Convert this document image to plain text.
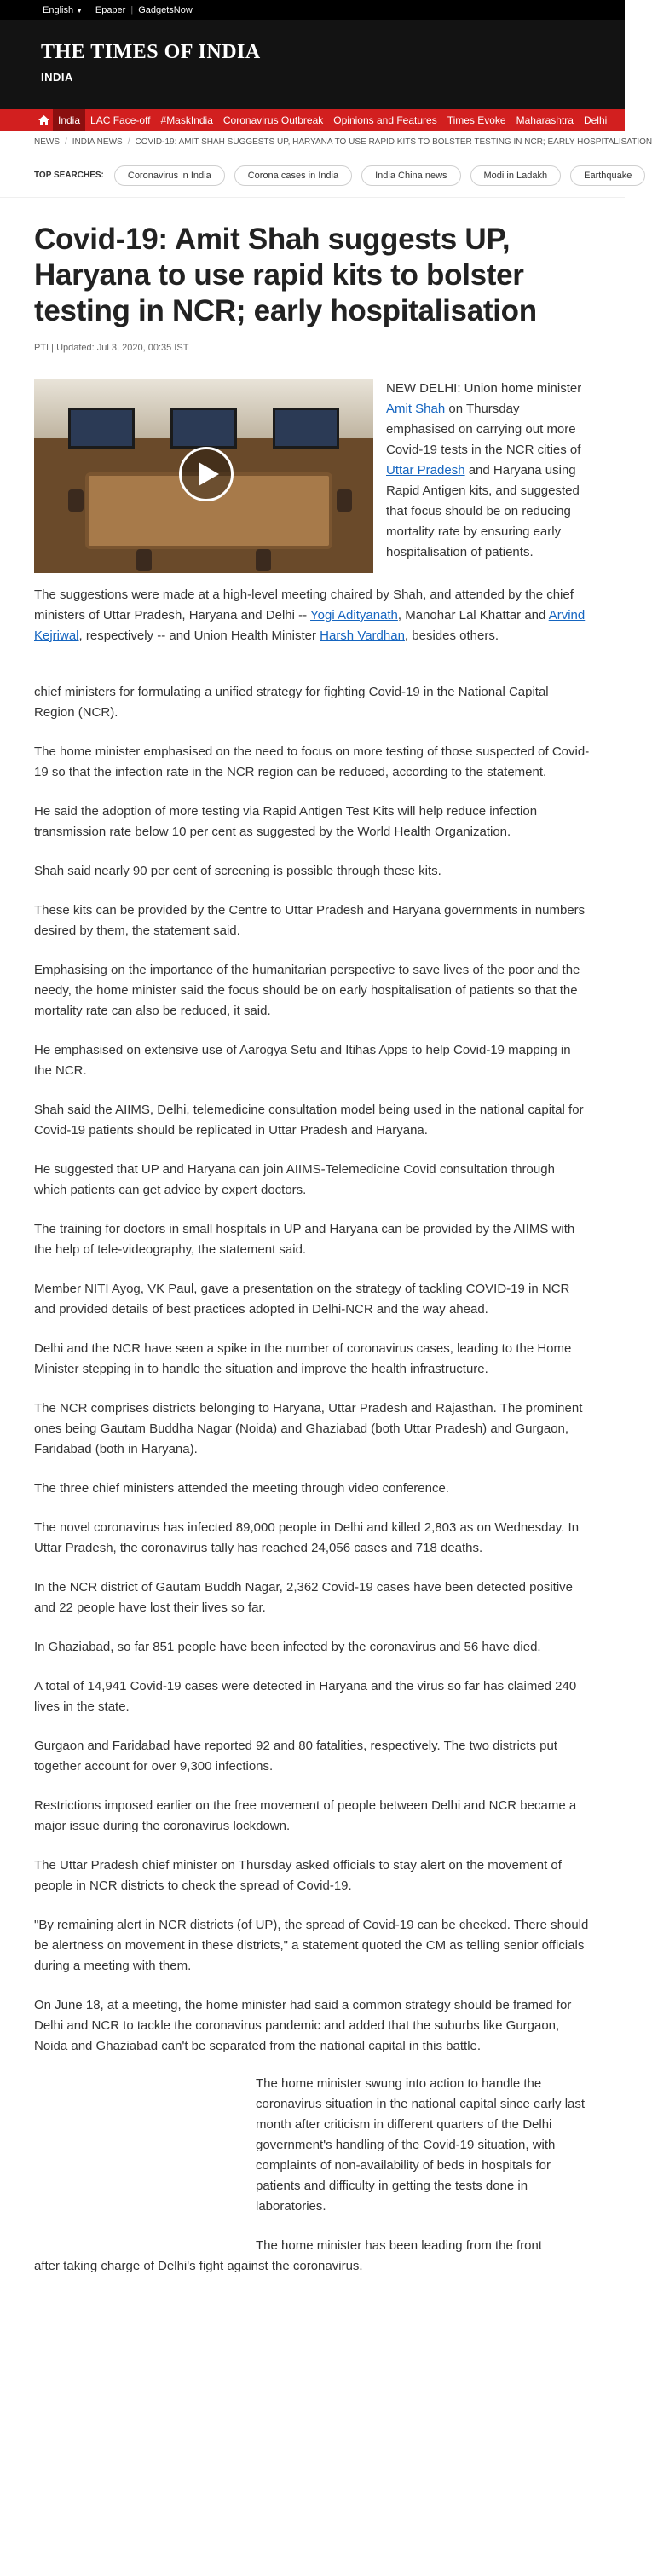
English ▼ | Epaper | GadgetsNow
THE TIMES OF INDIA
INDIA
India	LAC Face-off	#MaskIndia	Coronavirus Outbreak	Opinions and Features	Times Evoke	Maharashtra	Delhi
NEWS / INDIA NEWS / COVID-19: AMIT SHAH SUGGESTS UP, HARYANA TO USE RAPID KITS TO BOLSTER TESTING IN NCR; EARLY HOSPITALISATION
TOP SEARCHES:	Coronavirus in India	Corona cases in India	India China news	Modi in Ladakh	Earthquake
Covid-19: Amit Shah suggests UP, Haryana to use rapid kits to bolster testing in NCR; early hospitalisation
PTI | Updated: Jul 3, 2020, 00:35 IST
NEW DELHI: Union home minister Amit Shah on Thursday emphasised on carrying out more Covid-19 tests in the NCR cities of Uttar Pradesh and Haryana using Rapid Antigen kits, and suggested that focus should be on reducing mortality rate by ensuring early hospitalisation of patients.

The suggestions were made at a high-level meeting chaired by Shah, and attended by the chief ministers of Uttar Pradesh, Haryana and Delhi -- Yogi Adityanath, Manohar Lal Khattar and Arvind Kejriwal, respectively -- and Union Health Minister Harsh Vardhan, besides others.

chief ministers for formulating a unified strategy for fighting Covid-19 in the National Capital Region (NCR).

The home minister emphasised on the need to focus on more testing of those suspected of Covid-19 so that the infection rate in the NCR region can be reduced, according to the statement.

He said the adoption of more testing via Rapid Antigen Test Kits will help reduce infection transmission rate below 10 per cent as suggested by the World Health Organization.

Shah said nearly 90 per cent of screening is possible through these kits.

These kits can be provided by the Centre to Uttar Pradesh and Haryana governments in numbers desired by them, the statement said.

Emphasising on the importance of the humanitarian perspective to save lives of the poor and the needy, the home minister said the focus should be on early hospitalisation of patients so that the mortality rate can also be reduced, it said.

He emphasised on extensive use of Aarogya Setu and Itihas Apps to help Covid-19 mapping in the NCR.

Shah said the AIIMS, Delhi, telemedicine consultation model being used in the national capital for Covid-19 patients should be replicated in Uttar Pradesh and Haryana.

He suggested that UP and Haryana can join AIIMS-Telemedicine Covid consultation through which patients can get advice by expert doctors.

The training for doctors in small hospitals in UP and Haryana can be provided by the AIIMS with the help of tele-videography, the statement said.

Member NITI Ayog, VK Paul, gave a presentation on the strategy of tackling COVID-19 in NCR and provided details of best practices adopted in Delhi-NCR and the way ahead.

Delhi and the NCR have seen a spike in the number of coronavirus cases, leading to the Home Minister stepping in to handle the situation and improve the health infrastructure.

The NCR comprises districts belonging to Haryana, Uttar Pradesh and Rajasthan. The prominent ones being Gautam Buddha Nagar (Noida) and Ghaziabad (both Uttar Pradesh) and Gurgaon, Faridabad (both in Haryana).

The three chief ministers attended the meeting through video conference.

The novel coronavirus has infected 89,000 people in Delhi and killed 2,803 as on Wednesday. In Uttar Pradesh, the coronavirus tally has reached 24,056 cases and 718 deaths.

In the NCR district of Gautam Buddh Nagar, 2,362 Covid-19 cases have been detected positive and 22 people have lost their lives so far.

In Ghaziabad, so far 851 people have been infected by the coronavirus and 56 have died.

A total of 14,941 Covid-19 cases were detected in Haryana and the virus so far has claimed 240 lives in the state.

Gurgaon and Faridabad have reported 92 and 80 fatalities, respectively. The two districts put together account for over 9,300 infections.

Restrictions imposed earlier on the free movement of people between Delhi and NCR became a major issue during the coronavirus lockdown.

The Uttar Pradesh chief minister on Thursday asked officials to stay alert on the movement of people in NCR districts to check the spread of Covid-19.

"By remaining alert in NCR districts (of UP), the spread of Covid-19 can be checked. There should be alertness on movement in these districts," a statement quoted the CM as telling senior officials during a meeting with them.

On June 18, at a meeting, the home minister had said a common strategy should be framed for Delhi and NCR to tackle the coronavirus pandemic and added that the suburbs like Gurgaon, Noida and Ghaziabad can't be separated from the national capital in this battle.

The home minister swung into action to handle the coronavirus situation in the national capital since early last month after criticism in different quarters of the Delhi government's handling of the Covid-19 situation, with complaints of non-availability of beds in hospitals for patients and difficulty in getting the tests done in laboratories.

The home minister has been leading from the front
after taking charge of Delhi's fight against the coronavirus.
